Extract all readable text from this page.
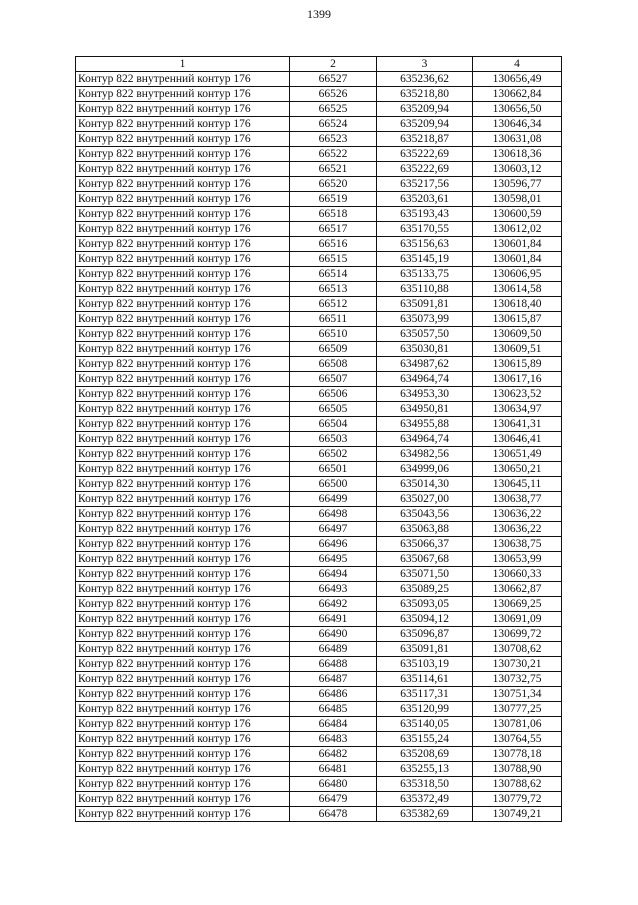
1399
1	2	3	4
Контур 822 внутренний контур 176	66527	635236,62	130656,49
Контур 822 внутренний контур 176	66526	635218,80	130662,84
Контур 822 внутренний контур 176	66525	635209,94	130656,50
Контур 822 внутренний контур 176	66524	635209,94	130646,34
Контур 822 внутренний контур 176	66523	635218,87	130631,08
Контур 822 внутренний контур 176	66522	635222,69	130618,36
Контур 822 внутренний контур 176	66521	635222,69	130603,12
Контур 822 внутренний контур 176	66520	635217,56	130596,77
Контур 822 внутренний контур 176	66519	635203,61	130598,01
Контур 822 внутренний контур 176	66518	635193,43	130600,59
Контур 822 внутренний контур 176	66517	635170,55	130612,02
Контур 822 внутренний контур 176	66516	635156,63	130601,84
Контур 822 внутренний контур 176	66515	635145,19	130601,84
Контур 822 внутренний контур 176	66514	635133,75	130606,95
Контур 822 внутренний контур 176	66513	635110,88	130614,58
Контур 822 внутренний контур 176	66512	635091,81	130618,40
Контур 822 внутренний контур 176	66511	635073,99	130615,87
Контур 822 внутренний контур 176	66510	635057,50	130609,50
Контур 822 внутренний контур 176	66509	635030,81	130609,51
Контур 822 внутренний контур 176	66508	634987,62	130615,89
Контур 822 внутренний контур 176	66507	634964,74	130617,16
Контур 822 внутренний контур 176	66506	634953,30	130623,52
Контур 822 внутренний контур 176	66505	634950,81	130634,97
Контур 822 внутренний контур 176	66504	634955,88	130641,31
Контур 822 внутренний контур 176	66503	634964,74	130646,41
Контур 822 внутренний контур 176	66502	634982,56	130651,49
Контур 822 внутренний контур 176	66501	634999,06	130650,21
Контур 822 внутренний контур 176	66500	635014,30	130645,11
Контур 822 внутренний контур 176	66499	635027,00	130638,77
Контур 822 внутренний контур 176	66498	635043,56	130636,22
Контур 822 внутренний контур 176	66497	635063,88	130636,22
Контур 822 внутренний контур 176	66496	635066,37	130638,75
Контур 822 внутренний контур 176	66495	635067,68	130653,99
Контур 822 внутренний контур 176	66494	635071,50	130660,33
Контур 822 внутренний контур 176	66493	635089,25	130662,87
Контур 822 внутренний контур 176	66492	635093,05	130669,25
Контур 822 внутренний контур 176	66491	635094,12	130691,09
Контур 822 внутренний контур 176	66490	635096,87	130699,72
Контур 822 внутренний контур 176	66489	635091,81	130708,62
Контур 822 внутренний контур 176	66488	635103,19	130730,21
Контур 822 внутренний контур 176	66487	635114,61	130732,75
Контур 822 внутренний контур 176	66486	635117,31	130751,34
Контур 822 внутренний контур 176	66485	635120,99	130777,25
Контур 822 внутренний контур 176	66484	635140,05	130781,06
Контур 822 внутренний контур 176	66483	635155,24	130764,55
Контур 822 внутренний контур 176	66482	635208,69	130778,18
Контур 822 внутренний контур 176	66481	635255,13	130788,90
Контур 822 внутренний контур 176	66480	635318,50	130788,62
Контур 822 внутренний контур 176	66479	635372,49	130779,72
Контур 822 внутренний контур 176	66478	635382,69	130749,21
